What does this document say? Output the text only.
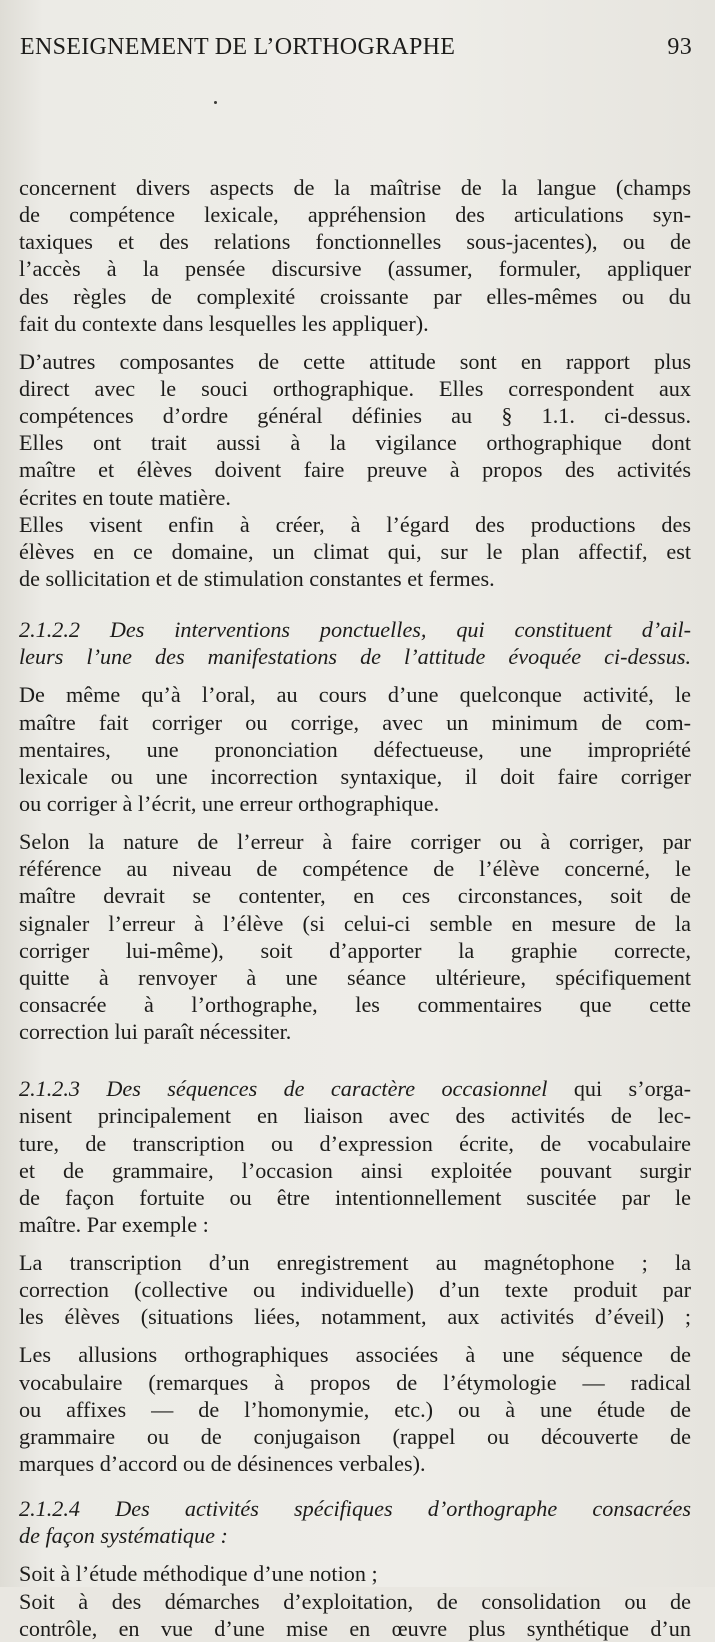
ENSEIGNEMENT DE L’ORTHOGRAPHE	93
concernent divers aspects de la maîtrise de la langue (champs
de compétence lexicale, appréhension des articulations syn-
taxiques et des relations fonctionnelles sous-jacentes), ou de
l’accès à la pensée discursive (assumer, formuler, appliquer
des règles de complexité croissante par elles-mêmes ou du
fait du contexte dans lesquelles les appliquer).
D’autres composantes de cette attitude sont en rapport plus
direct avec le souci orthographique. Elles correspondent aux
compétences d’ordre général définies au § 1.1. ci-dessus.
Elles ont trait aussi à la vigilance orthographique dont
maître et élèves doivent faire preuve à propos des activités
écrites en toute matière.
Elles visent enfin à créer, à l’égard des productions des
élèves en ce domaine, un climat qui, sur le plan affectif, est
de sollicitation et de stimulation constantes et fermes.
2.1.2.2 Des interventions ponctuelles, qui constituent d’ail-
leurs l’une des manifestations de l’attitude évoquée ci-dessus.
De même qu’à l’oral, au cours d’une quelconque activité, le
maître fait corriger ou corrige, avec un minimum de com-
mentaires, une prononciation défectueuse, une impropriété
lexicale ou une incorrection syntaxique, il doit faire corriger
ou corriger à l’écrit, une erreur orthographique.
Selon la nature de l’erreur à faire corriger ou à corriger, par
référence au niveau de compétence de l’élève concerné, le
maître devrait se contenter, en ces circonstances, soit de
signaler l’erreur à l’élève (si celui-ci semble en mesure de la
corriger lui-même), soit d’apporter la graphie correcte,
quitte à renvoyer à une séance ultérieure, spécifiquement
consacrée à l’orthographe, les commentaires que cette
correction lui paraît nécessiter.
2.1.2.3 Des séquences de caractère occasionnel qui s’orga-
nisent principalement en liaison avec des activités de lec-
ture, de transcription ou d’expression écrite, de vocabulaire
et de grammaire, l’occasion ainsi exploitée pouvant surgir
de façon fortuite ou être intentionnellement suscitée par le
maître. Par exemple :
La transcription d’un enregistrement au magnétophone ; la
correction (collective ou individuelle) d’un texte produit par
les élèves (situations liées, notamment, aux activités d’éveil) ;
Les allusions orthographiques associées à une séquence de
vocabulaire (remarques à propos de l’étymologie — radical
ou affixes — de l’homonymie, etc.) ou à une étude de
grammaire ou de conjugaison (rappel ou découverte de
marques d’accord ou de désinences verbales).
2.1.2.4 Des activités spécifiques d’orthographe consacrées
de façon systématique :
Soit à l’étude méthodique d’une notion ;
Soit à des démarches d’exploitation, de consolidation ou de
contrôle, en vue d’une mise en œuvre plus synthétique d’un
